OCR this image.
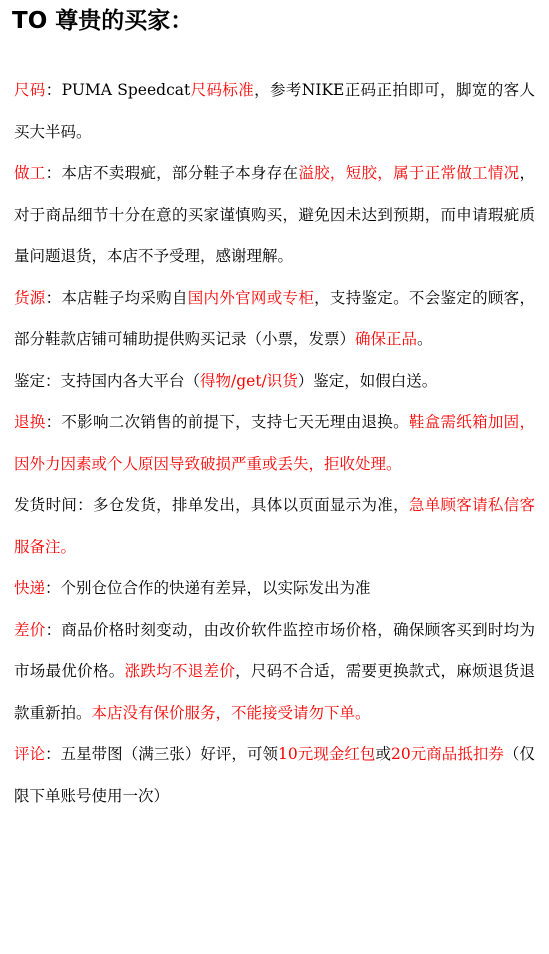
TO 尊贵的买家：
尺码：PUMA Speedcat尺码标准，参考NIKE正码正拍即可，脚宽的客人买大半码。
做工：本店不卖瑕疵，部分鞋子本身存在溢胶，短胶，属于正常做工情况，对于商品细节十分在意的买家谨慎购买，避免因未达到预期，而申请瑕疵质量问题退货，本店不予受理，感谢理解。
货源：本店鞋子均采购自国内外官网或专柜，支持鉴定。不会鉴定的顾客，部分鞋款店铺可辅助提供购买记录（小票，发票）确保正品。
鉴定：支持国内各大平台（得物/get/识货）鉴定，如假白送。
退换：不影响二次销售的前提下，支持七天无理由退换。鞋盒需纸箱加固，因外力因素或个人原因导致破损严重或丢失，拒收处理。
发货时间：多仓发货，排单发出，具体以页面显示为准，急单顾客请私信客服备注。
快递：个别仓位合作的快递有差异，以实际发出为准
差价：商品价格时刻变动，由改价软件监控市场价格，确保顾客买到时均为市场最优价格。涨跌均不退差价，尺码不合适，需要更换款式，麻烦退货退款重新拍。本店没有保价服务，不能接受请勿下单。
评论：五星带图（满三张）好评，可领10元现金红包或20元商品抵扣券（仅限下单账号使用一次）
